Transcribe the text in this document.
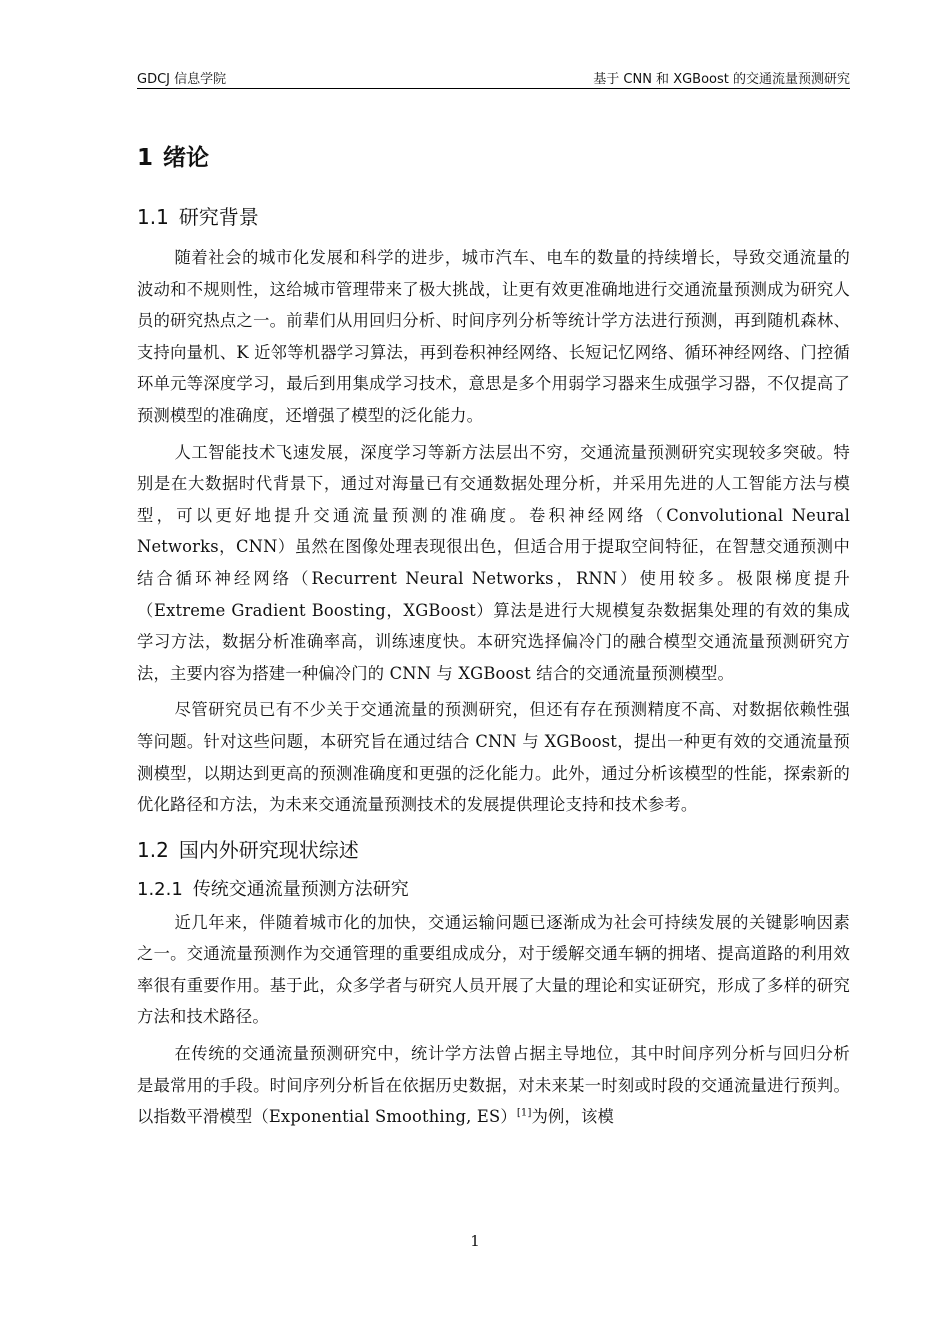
GDCJ 信息学院	基于 CNN 和 XGBoost 的交通流量预测研究
1 绪论
1.1 研究背景

随着社会的城市化发展和科学的进步，城市汽车、电车的数量的持续增长，导致交通流量的波动和不规则性，这给城市管理带来了极大挑战，让更有效更准确地进行交通流量预测成为研究人员的研究热点之一。前辈们从用回归分析、时间序列分析等统计学方法进行预测，再到随机森林、支持向量机、K 近邻等机器学习算法，再到卷积神经网络、长短记忆网络、循环神经网络、门控循环单元等深度学习，最后到用集成学习技术，意思是多个用弱学习器来生成强学习器，不仅提高了预测模型的准确度，还增强了模型的泛化能力。

人工智能技术飞速发展，深度学习等新方法层出不穷，交通流量预测研究实现较多突破。特别是在大数据时代背景下，通过对海量已有交通数据处理分析，并采用先进的人工智能方法与模型，可以更好地提升交通流量预测的准确度。卷积神经网络（Convolutional Neural Networks，CNN）虽然在图像处理表现很出色，但适合用于提取空间特征，在智慧交通预测中结合循环神经网络（Recurrent Neural Networks，RNN）使用较多。极限梯度提升（Extreme Gradient Boosting，XGBoost）算法是进行大规模复杂数据集处理的有效的集成学习方法，数据分析准确率高，训练速度快。本研究选择偏冷门的融合模型交通流量预测研究方法，主要内容为搭建一种偏冷门的 CNN 与 XGBoost 结合的交通流量预测模型。

尽管研究员已有不少关于交通流量的预测研究，但还有存在预测精度不高、对数据依赖性强等问题。针对这些问题，本研究旨在通过结合 CNN 与 XGBoost，提出一种更有效的交通流量预测模型，以期达到更高的预测准确度和更强的泛化能力。此外，通过分析该模型的性能，探索新的优化路径和方法，为未来交通流量预测技术的发展提供理论支持和技术参考。

1.2 国内外研究现状综述
1.2.1 传统交通流量预测方法研究

近几年来，伴随着城市化的加快，交通运输问题已逐渐成为社会可持续发展的关键影响因素之一。交通流量预测作为交通管理的重要组成成分，对于缓解交通车辆的拥堵、提高道路的利用效率很有重要作用。基于此，众多学者与研究人员开展了大量的理论和实证研究，形成了多样的研究方法和技术路径。

在传统的交通流量预测研究中，统计学方法曾占据主导地位，其中时间序列分析与回归分析是最常用的手段。时间序列分析旨在依据历史数据，对未来某一时刻或时段的交通流量进行预判。以指数平滑模型（Exponential Smoothing, ES）[1]为例，该模

1
